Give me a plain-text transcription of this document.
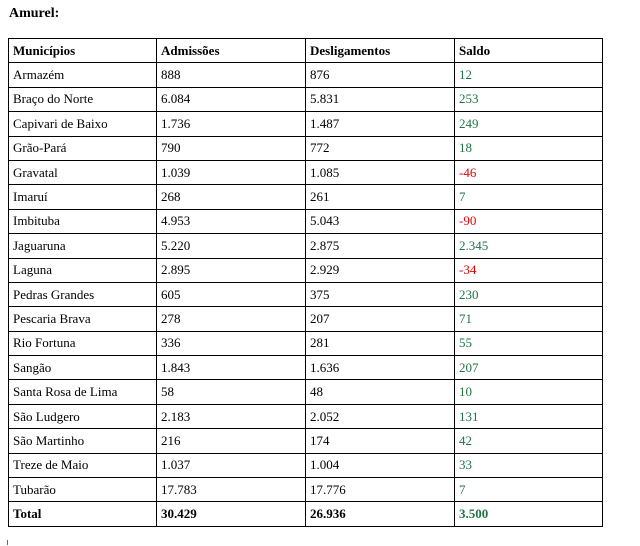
Amurel:
Municípios	Admissões	Desligamentos	Saldo
Armazém	888	876	12
Braço do Norte	6.084	5.831	253
Capivari de Baixo	1.736	1.487	249
Grão-Pará	790	772	18
Gravatal	1.039	1.085	-46
Imaruí	268	261	7
Imbituba	4.953	5.043	-90
Jaguaruna	5.220	2.875	2.345
Laguna	2.895	2.929	-34
Pedras Grandes	605	375	230
Pescaria Brava	278	207	71
Rio Fortuna	336	281	55
Sangão	1.843	1.636	207
Santa Rosa de Lima	58	48	10
São Ludgero	2.183	2.052	131
São Martinho	216	174	42
Treze de Maio	1.037	1.004	33
Tubarão	17.783	17.776	7
Total	30.429	26.936	3.500
